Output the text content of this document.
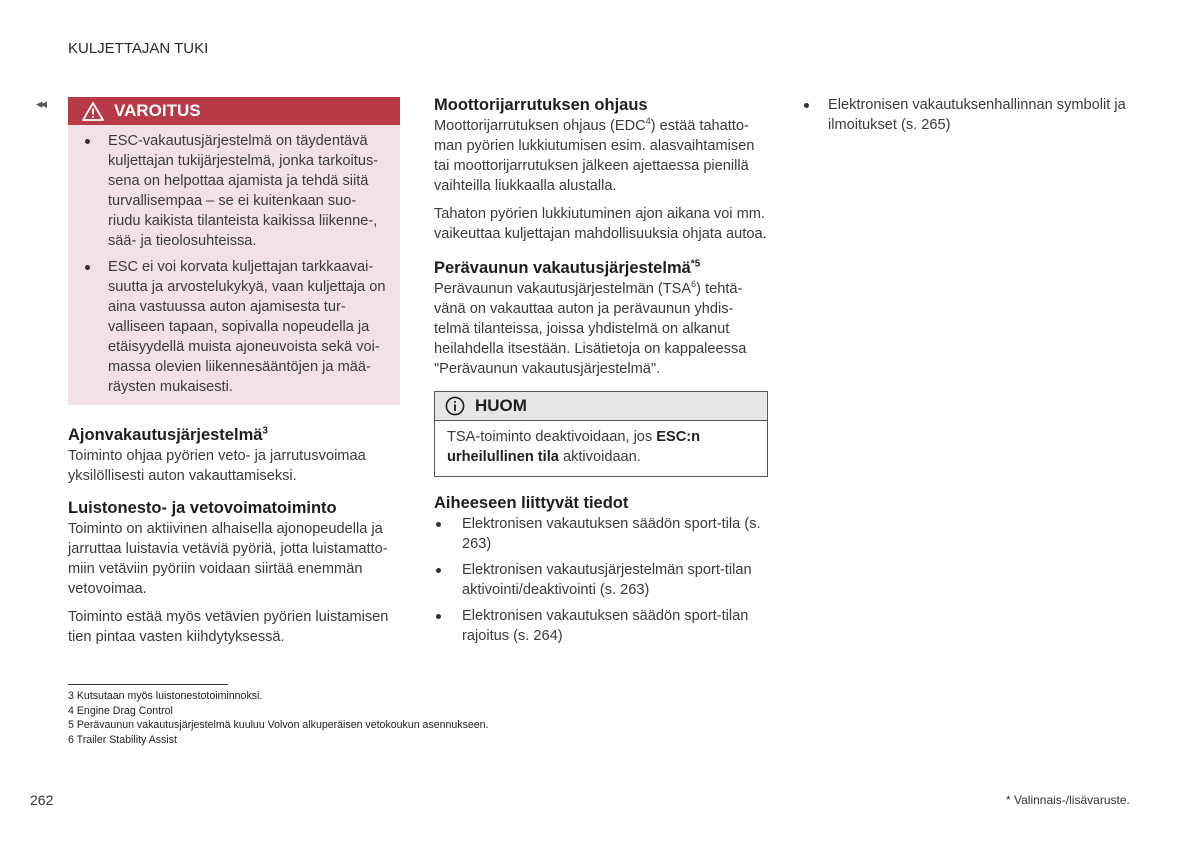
KULJETTAJAN TUKI
◂◂	VAROITUS
ESC-vakautusjärjestelmä on täydentävä kuljettajan tukijärjestelmä, jonka tarkoitus-sena on helpottaa ajamista ja tehdä siitä turvallisempaa – se ei kuitenkaan suo-riudu kaikista tilanteista kaikissa liikenne-, sää- ja tieolosuhteissa.
ESC ei voi korvata kuljettajan tarkkaavai-suutta ja arvostelukykyä, vaan kuljettaja on aina vastuussa auton ajamisesta tur-valliseen tapaan, sopivalla nopeudella ja etäisyydellä muista ajoneuvoista sekä voi-massa olevien liikennesääntöjen ja mää-räysten mukaisesti.
Ajonvakautusjärjestelmä$^3$

Toiminto ohjaa pyörien veto- ja jarrutusvoimaa yksilöllisesti auton vakauttamiseksi.

Luistonesto- ja vetovoimatoiminto

Toiminto on aktiivinen alhaisella ajonopeudella ja jarruttaa luistavia vetäviä pyöriä, jotta luistamatto-miin vetäviin pyöriin voidaan siirtää enemmän vetovoimaa.

Toiminto estää myös vetävien pyörien luistamisen tien pintaa vasten kiihdytyksessä.

Moottorijarrutuksen ohjaus

Moottorijarrutuksen ohjaus (EDC$^4$) estää tahatto-man pyörien lukkiutumisen esim. alasvaihtamisen tai moottorijarrutuksen jälkeen ajettaessa pienillä vaihteilla liukkaalla alustalla.

Tahaton pyörien lukkiutuminen ajon aikana voi mm. vaikeuttaa kuljettajan mahdollisuuksia ohjata autoa.

Perävaunun vakautusjärjestelmä$^{*5}$

Perävaunun vakautusjärjestelmän (TSA$^6$) tehtä-vänä on vakauttaa auton ja perävaunun yhdis-telmä tilanteissa, joissa yhdistelmä on alkanut heilahdella itsestään. Lisätietoja on kappaleessa "Perävaunun vakautusjärjestelmä".

HUOM
TSA-toiminto deaktivoidaan, jos ESC:n urheilullinen tila aktivoidaan.
Aiheeseen liittyvät tiedot
Elektronisen vakautuksen säädön sport-tila (s. 263)
Elektronisen vakautusjärjestelmän sport-tilan aktivointi/deaktivointi (s. 263)
Elektronisen vakautuksen säädön sport-tilan rajoitus (s. 264)
Elektronisen vakautuksenhallinnan symbolit ja ilmoitukset (s. 265)
3 Kutsutaan myös luistonestotoiminnoksi.
4 Engine Drag Control
5 Perävaunun vakautusjärjestelmä kuuluu Volvon alkuperäisen vetokoukun asennukseen.
6 Trailer Stability Assist
262	* Valinnais-/lisävaruste.
